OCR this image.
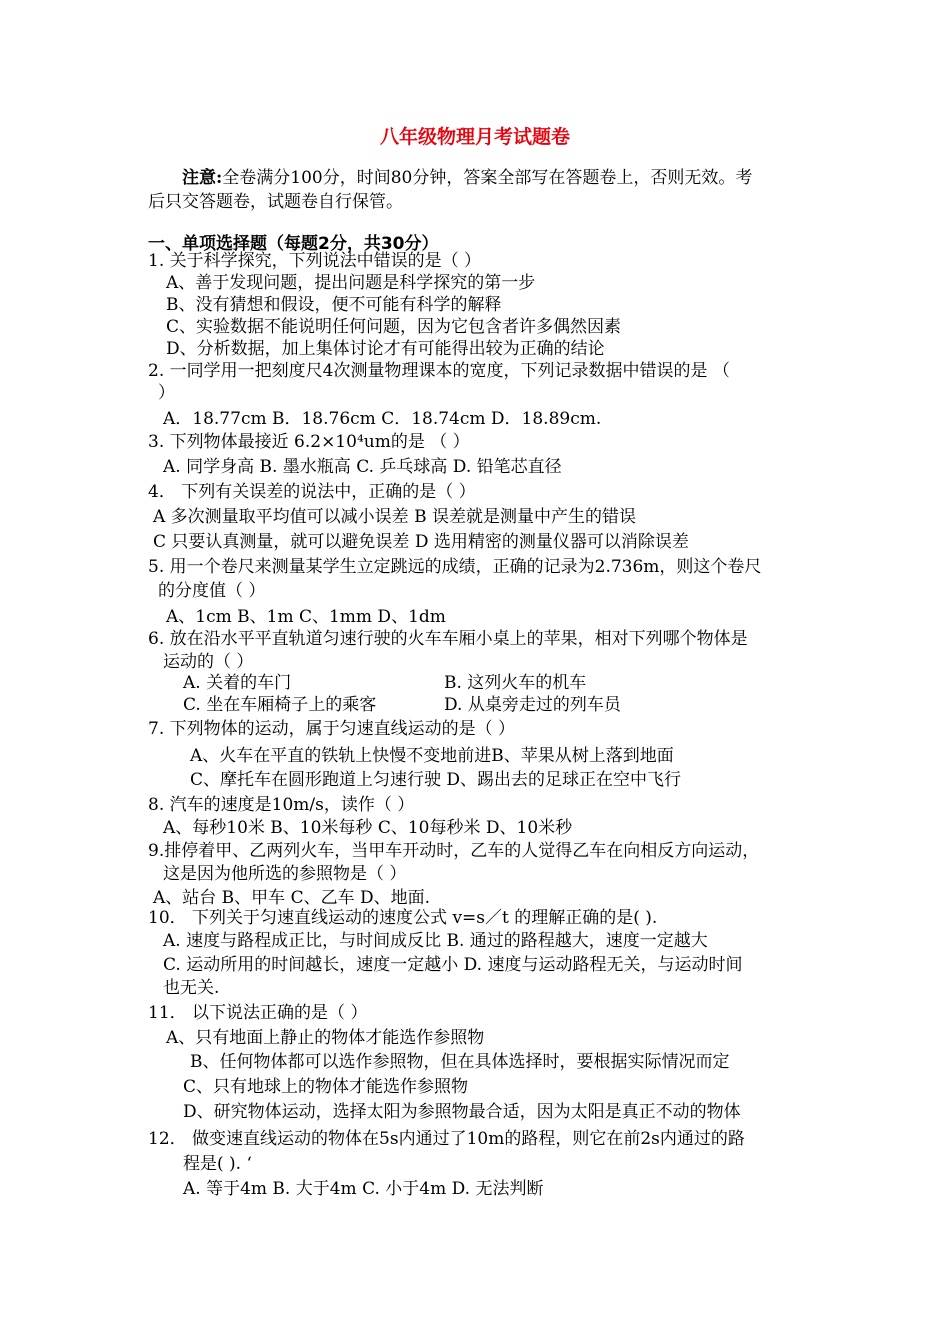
八年级物理月考试题卷
注意:全卷满分100分，时间80分钟，答案全部写在答题卷上，否则无效。考
后只交答题卷，试题卷自行保管。
一、单项选择题（每题2分，共30分）
1. 关于科学探究，下列说法中错误的是（ ）
A、善于发现问题，提出问题是科学探究的第一步
B、没有猜想和假设，便不可能有科学的解释
C、实验数据不能说明任何问题，因为它包含者许多偶然因素
D、分析数据，加上集体讨论才有可能得出较为正确的结论
2. 一同学用一把刻度尺4次测量物理课本的宽度，下列记录数据中错误的是 （
）
A．18.77cm B．18.76cm C．18.74cm D．18.89cm.
3. 下列物体最接近 6.2×10⁴um的是 （ ）
A. 同学身高 B. 墨水瓶高 C. 乒乓球高 D. 铅笔芯直径
4． 下列有关误差的说法中，正确的是（ ）
A 多次测量取平均值可以减小误差 B 误差就是测量中产生的错误
C 只要认真测量，就可以避免误差 D 选用精密的测量仪器可以消除误差
5. 用一个卷尺来测量某学生立定跳远的成绩，正确的记录为2.736m，则这个卷尺
的分度值（ ）
A、1cm B、1m C、1mm D、1dm
6. 放在沿水平平直轨道匀速行驶的火车车厢小桌上的苹果，相对下列哪个物体是
运动的（ ）
A. 关着的车门	B. 这列火车的机车
C. 坐在车厢椅子上的乘客	D. 从桌旁走过的列车员
7. 下列物体的运动，属于匀速直线运动的是（ ）
A、火车在平直的铁轨上快慢不变地前进B、苹果从树上落到地面
C、摩托车在圆形跑道上匀速行驶 D、踢出去的足球正在空中飞行
8. 汽车的速度是10m/s，读作（ ）
A、每秒10米 B、10米每秒 C、10每秒米 D、10米秒
9.排停着甲、乙两列火车，当甲车开动时，乙车的人觉得乙车在向相反方向运动，
这是因为他所选的参照物是（ ）
A、站台 B、甲车 C、乙车 D、地面.
10． 下列关于匀速直线运动的速度公式 v=s／t 的理解正确的是( ).
A. 速度与路程成正比，与时间成反比 B. 通过的路程越大，速度一定越大
C. 运动所用的时间越长，速度一定越小 D. 速度与运动路程无关，与运动时间
也无关.
11． 以下说法正确的是（ ）
A、只有地面上静止的物体才能选作参照物
B、任何物体都可以选作参照物，但在具体选择时，要根据实际情况而定
C、只有地球上的物体才能选作参照物
D、研究物体运动，选择太阳为参照物最合适，因为太阳是真正不动的物体
12． 做变速直线运动的物体在5s内通过了10m的路程，则它在前2s内通过的路
程是( ). ‘
A. 等于4m B. 大于4m C. 小于4m D. 无法判断
